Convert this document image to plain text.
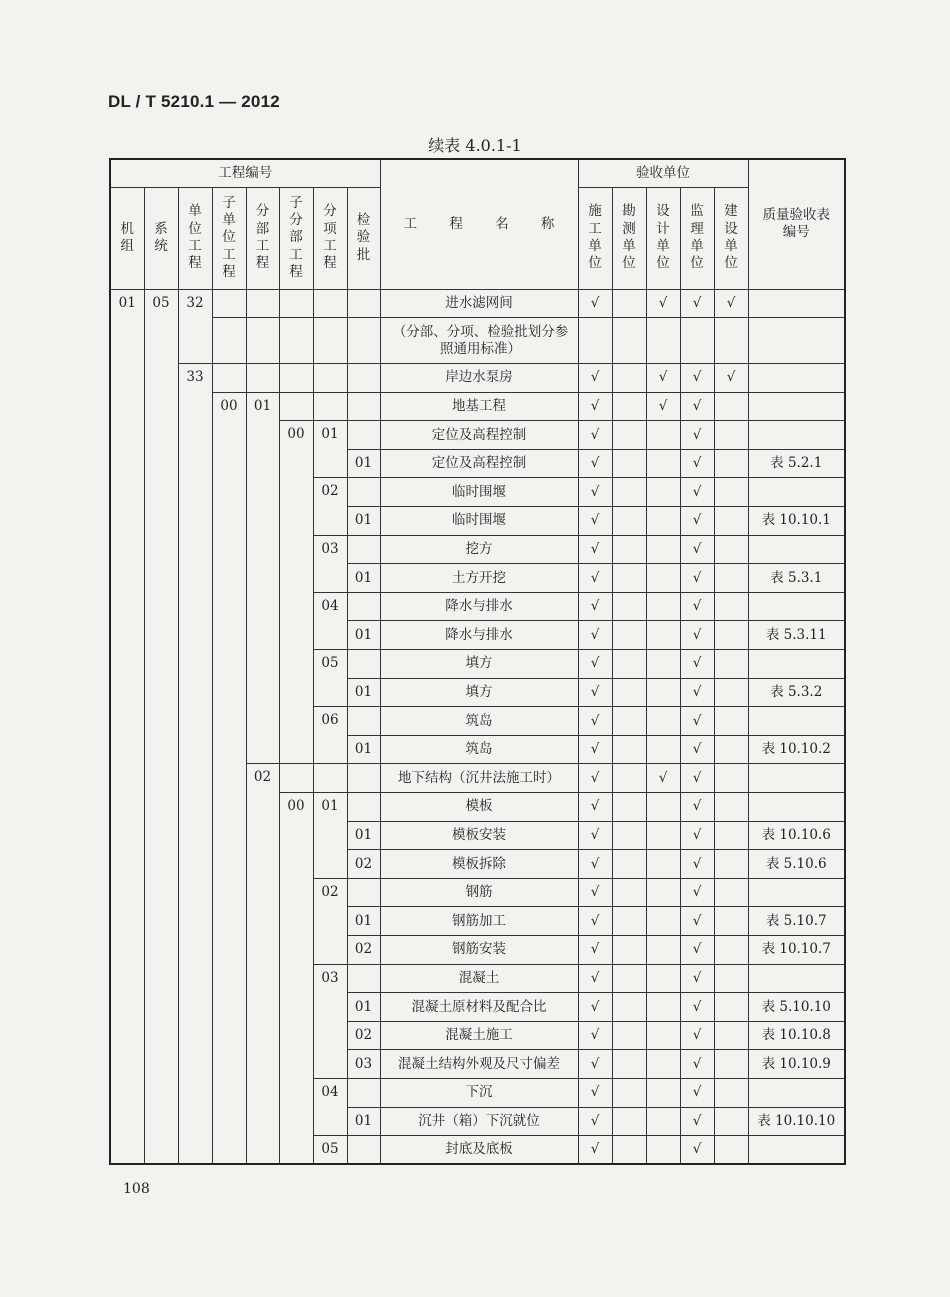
DL / T 5210.1 — 2012
续表 4.0.1-1
工程编号								工 程 名 称	验收单位					质量验收表编号

机组	系统	单位工程	子单位工程	分部工程	子分部工程	分项工程	检验批		施工单位	勘测单位	设计单位	监理单位	建设单位	

01	05	32						进水滤网间	√		√	√	√	
								（分部、分项、检验批划分参照通用标准）						
		33						岸边水泵房	√		√	√	√	
			00	01				地基工程	√		√	√		
					00	01		定位及高程控制	√			√		
							01	定位及高程控制	√			√		表 5.2.1
						02		临时围堰	√			√		
							01	临时围堰	√			√		表 10.10.1
						03		挖方	√			√		
							01	土方开挖	√			√		表 5.3.1
						04		降水与排水	√			√		
							01	降水与排水	√			√		表 5.3.11
						05		填方	√			√		
							01	填方	√			√		表 5.3.2
						06		筑岛	√			√		
							01	筑岛	√			√		表 10.10.2
				02				地下结构（沉井法施工时）	√		√	√		
					00	01		模板	√			√		
							01	模板安装	√			√		表 10.10.6
							02	模板拆除	√			√		表 5.10.6
						02		钢筋	√			√		
							01	钢筋加工	√			√		表 5.10.7
							02	钢筋安装	√			√		表 10.10.7
						03		混凝土	√			√		
							01	混凝土原材料及配合比	√			√		表 5.10.10
							02	混凝土施工	√			√		表 10.10.8
							03	混凝土结构外观及尺寸偏差	√			√		表 10.10.9
						04		下沉	√			√		
							01	沉井（箱）下沉就位	√			√		表 10.10.10
						05		封底及底板	√			√		
108
